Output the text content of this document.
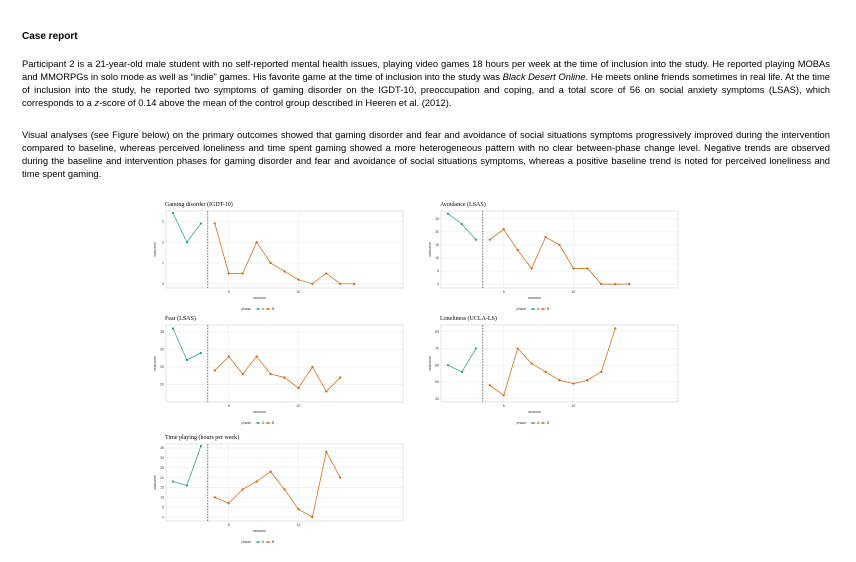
Case report

Participant 2 is a 21-year-old male student with no self-reported mental health issues, playing video games 18 hours per week at the time of inclusion into the study. He reported playing MOBAs and MMORPGs in solo mode as well as “indie” games. His favorite game at the time of inclusion into the study was Black Desert Online. He meets online friends sometimes in real life. At the time of inclusion into the study, he reported two symptoms of gaming disorder on the IGDT-10, preoccupation and coping, and a total score of 56 on social anxiety symptoms (LSAS), which corresponds to a z-score of 0.14 above the mean of the control group described in Heeren et al. (2012).

Visual analyses (see Figure below) on the primary outcomes showed that gaming disorder and fear and avoidance of social situations symptoms progressively improved during the intervention compared to baseline, whereas perceived loneliness and time spent gaming showed a more heterogeneous pattern with no clear between-phase change level. Negative trends are observed during the baseline and intervention phases for gaming disorder and fear and avoidance of social situations symptoms, whereas a positive baseline trend is noted for perceived loneliness and time spent gaming.

Gaming disorder (IGDT-10)
0
1
2
3
5	10
outcome
session
phase	A B
Avoidance (LSAS)
0
5
10
15
20
25
5	10
outcome
session
phase	A B
Fear (LSAS)
20
25
30
35
5	10
outcome
session
phase	A B
Loneliness (UCLA-LS)
40
50
60
70
80
5	10
outcome
session
phase	A B
Time playing (hours per week)
0
5
10
15
20
25
30
35
5	10
outcome
session
phase	A B
